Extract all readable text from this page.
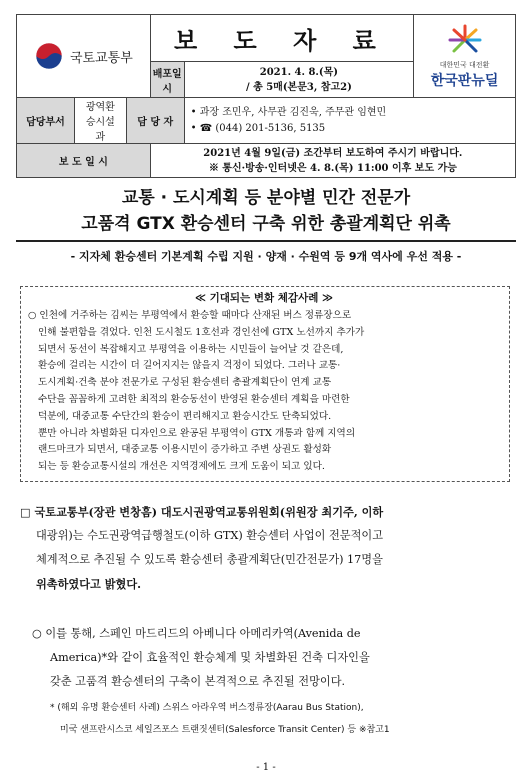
국토교통부			보 도 자 료		대한민국 대전환
한국판뉴딜

			배포일시	2021. 4. 8.(목)
/ 총 5매(본문3, 참고2)	

담당부서	광역환승시설과	담 당 자		• 과장 조민우, 사무관 김진욱, 주무관 임현민
• ☎ (044) 201-5136, 5135	

보 도 일 시			2021년 4월 9일(금) 조간부터 보도하여 주시기 바랍니다.
※ 통신·방송·인터넷은 4. 8.(목) 11:00 이후 보도 가능		
교통 · 도시계획 등 분야별 민간 전문가
고품격 GTX 환승센터 구축 위한 총괄계획단 위촉
- 지자체 환승센터 기본계획 수립 지원 · 양재 · 수원역 등 9개 역사에 우선 적용 -
≪ 기대되는 변화 체감사례 ≫
○ 인천에 거주하는 김씨는 부평역에서 환승할 때마다 산재된 버스 정류장으로
인해 불편함을 겪었다. 인천 도시철도 1호선과 경인선에 GTX 노선까지 추가가
되면서 동선이 복잡해지고 부평역을 이용하는 시민들이 늘어날 것 같은데,
환승에 걸리는 시간이 더 길어지지는 않을지 걱정이 되었다. 그러나 교통·
도시계획·건축 분야 전문가로 구성된 환승센터 총괄계획단이 연계 교통
수단을 꼼꼼하게 고려한 최적의 환승동선이 반영된 환승센터 계획을 마련한
덕분에, 대중교통 수단간의 환승이 편리해지고 환승시간도 단축되었다.
뿐만 아니라 차별화된 디자인으로 완공된 부평역이 GTX 개통과 함께 지역의
랜드마크가 되면서, 대중교통 이용시민이 증가하고 주변 상권도 활성화
되는 등 환승교통시설의 개선은 지역경제에도 크게 도움이 되고 있다.
□ 국토교통부(장관 변창흠) 대도시권광역교통위원회(위원장 최기주, 이하
대광위)는 수도권광역급행철도(이하 GTX) 환승센터 사업이 전문적이고
체계적으로 추진될 수 있도록 환승센터 총괄계획단(민간전문가) 17명을
위촉하였다고 밝혔다.
○ 이를 통해, 스페인 마드리드의 아베니다 아메리카역(Avenida de
America)*와 같이 효율적인 환승체계 및 차별화된 건축 디자인을
갖춘 고품격 환승센터의 구축이 본격적으로 추진될 전망이다.
* (해외 유명 환승센터 사례) 스위스 아라우역 버스정류장(Aarau Bus Station),
미국 샌프란시스코 세일즈포스 트랜짓센터(Salesforce Transit Center) 등 ※참고1
- 1 -
